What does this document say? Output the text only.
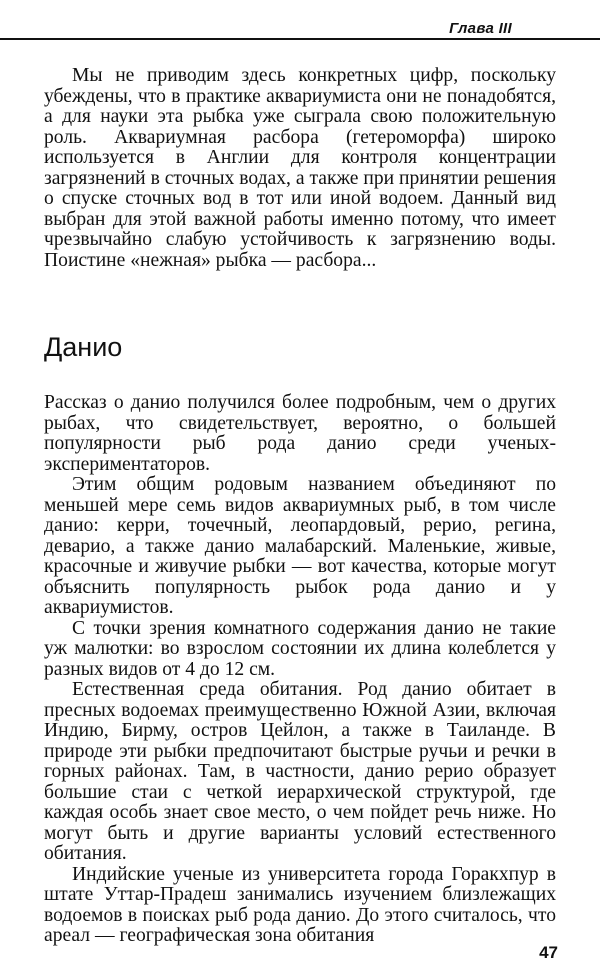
Глава III

Мы не приводим здесь конкретных цифр, поскольку убеждены, что в практике аквариумиста они не понадобятся, а для науки эта рыбка уже сыграла свою положительную роль. Аквариумная расбора (гетероморфа) широко используется в Англии для контроля концентрации загрязнений в сточных водах, а также при принятии решения о спуске сточных вод в тот или иной водоем. Данный вид выбран для этой важной работы именно потому, что имеет чрезвычайно слабую устойчивость к загрязнению воды. Поистине «нежная» рыбка — расбора...

Данио

Рассказ о данио получился более подробным, чем о других рыбах, что свидетельствует, вероятно, о большей популярности рыб рода данио среди ученых-экспериментаторов.

Этим общим родовым названием объединяют по меньшей мере семь видов аквариумных рыб, в том числе данио: керри, точечный, леопардовый, рерио, регина, деварио, а также данио малабарский. Маленькие, живые, красочные и живучие рыбки — вот качества, которые могут объяснить популярность рыбок рода данио и у аквариумистов.

С точки зрения комнатного содержания данио не такие уж малютки: во взрослом состоянии их длина колеблется у разных видов от 4 до 12 см.

Естественная среда обитания. Род данио обитает в пресных водоемах преимущественно Южной Азии, включая Индию, Бирму, остров Цейлон, а также в Таиланде. В природе эти рыбки предпочитают быстрые ручьи и речки в горных районах. Там, в частности, данио рерио образует большие стаи с четкой иерархической структурой, где каждая особь знает свое место, о чем пойдет речь ниже. Но могут быть и другие варианты условий естественного обитания.

Индийские ученые из университета города Горакхпур в штате Уттар-Прадеш занимались изучением близлежащих водоемов в поисках рыб рода данио. До этого считалось, что ареал — географическая зона обитания

47
